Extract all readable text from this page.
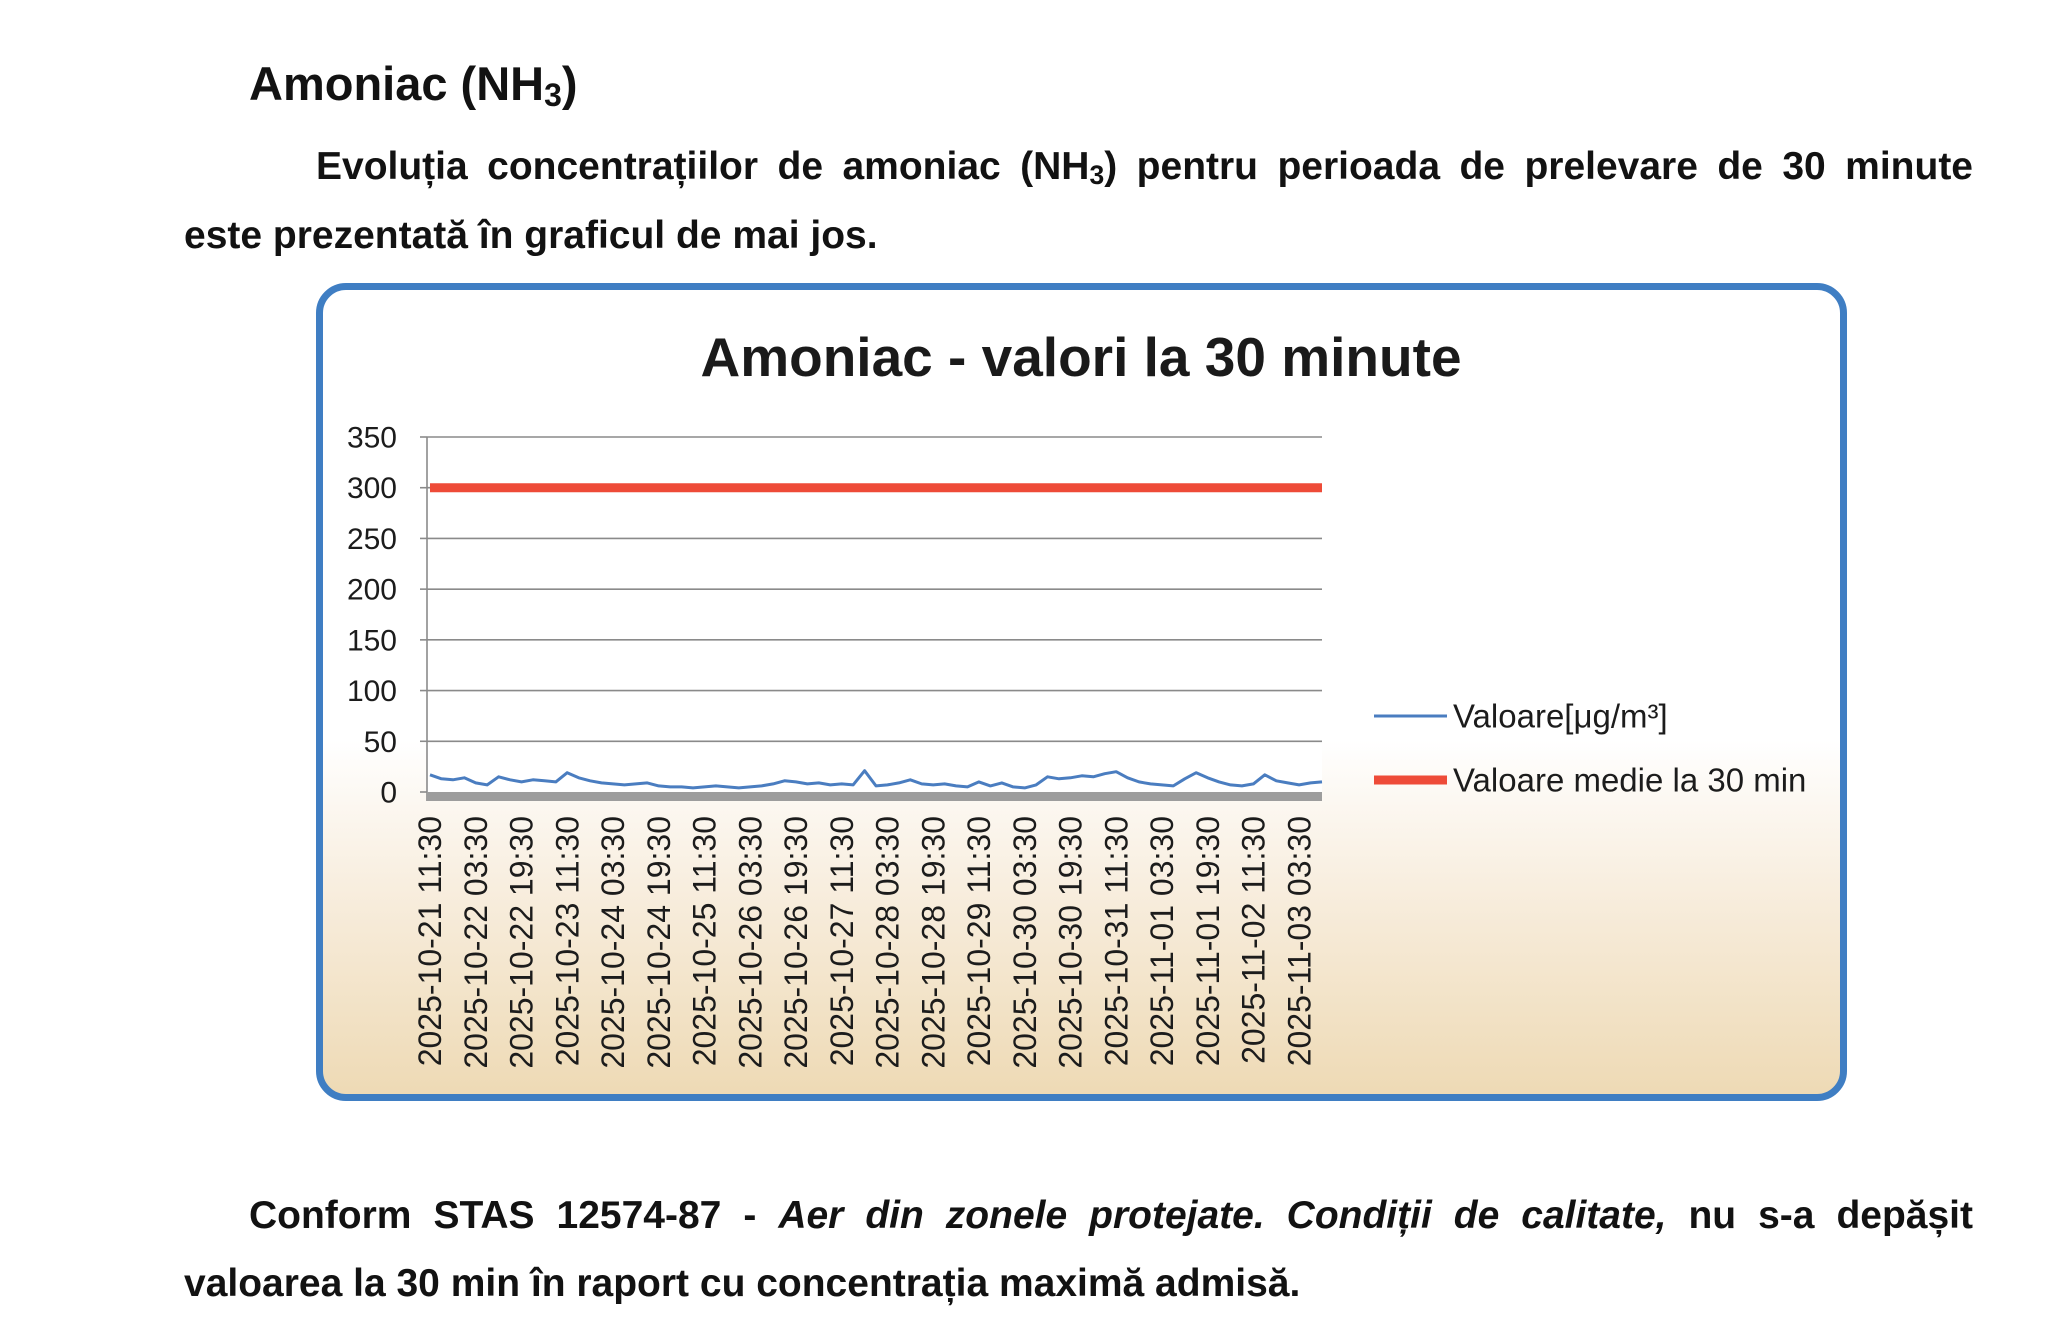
Amoniac (NH3)
Evoluția concentrațiilor de amoniac (NH3) pentru perioada de prelevare de 30 minute
este prezentată în graficul de mai jos.
Amoniac - valori la 30 minute
0
50
100
150
200
250
300
350
2025-10-21 11:30 2025-10-22 03:30 2025-10-22 19:30 2025-10-23 11:30 2025-10-24 03:30 2025-10-24 19:30 2025-10-25 11:30 2025-10-26 03:30 2025-10-26 19:30 2025-10-27 11:30 2025-10-28 03:30 2025-10-28 19:30 2025-10-29 11:30 2025-10-30 03:30 2025-10-30 19:30 2025-10-31 11:30 2025-11-01 03:30 2025-11-01 19:30 2025-11-02 11:30 2025-11-03 03:30
Valoare[μg/m³]
Valoare medie la 30 min
Conform STAS 12574-87 - Aer din zonele protejate. Condiții de calitate, nu s-a depășit
valoarea la 30 min în raport cu concentrația maximă admisă.
